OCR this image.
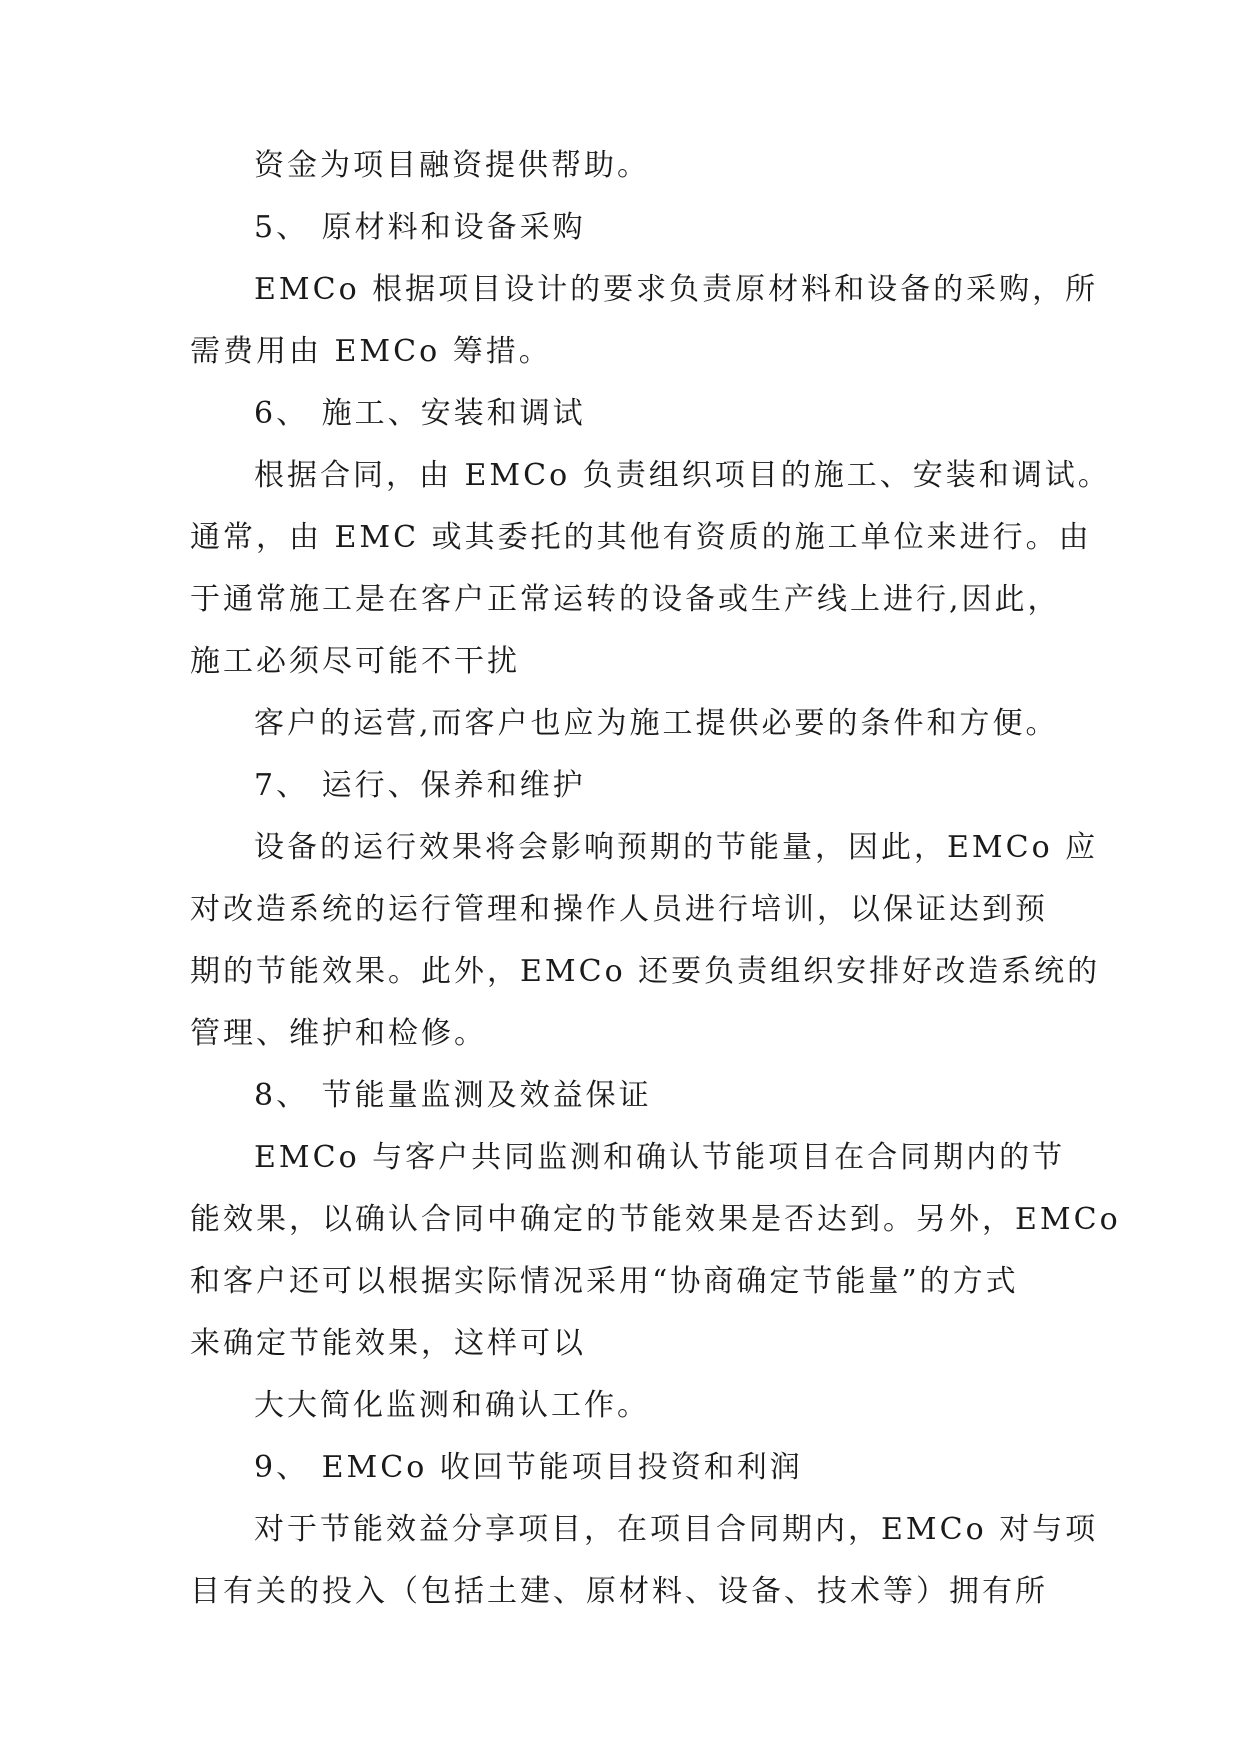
资金为项目融资提供帮助。
5、 原材料和设备采购
EMCo 根据项目设计的要求负责原材料和设备的采购，所
需费用由 EMCo 筹措。
6、 施工、安装和调试
根据合同，由 EMCo 负责组织项目的施工、安装和调试。
通常，由 EMC 或其委托的其他有资质的施工单位来进行。由
于通常施工是在客户正常运转的设备或生产线上进行,因此，
施工必须尽可能不干扰
客户的运营,而客户也应为施工提供必要的条件和方便。
7、 运行、保养和维护
设备的运行效果将会影响预期的节能量，因此，EMCo 应
对改造系统的运行管理和操作人员进行培训，以保证达到预
期的节能效果。此外，EMCo 还要负责组织安排好改造系统的
管理、维护和检修。
8、 节能量监测及效益保证
EMCo 与客户共同监测和确认节能项目在合同期内的节
能效果，以确认合同中确定的节能效果是否达到。另外，EMCo
和客户还可以根据实际情况采用“协商确定节能量”的方式
来确定节能效果，这样可以
大大简化监测和确认工作。
9、 EMCo 收回节能项目投资和利润
对于节能效益分享项目，在项目合同期内，EMCo 对与项
目有关的投入（包括土建、原材料、设备、技术等）拥有所
